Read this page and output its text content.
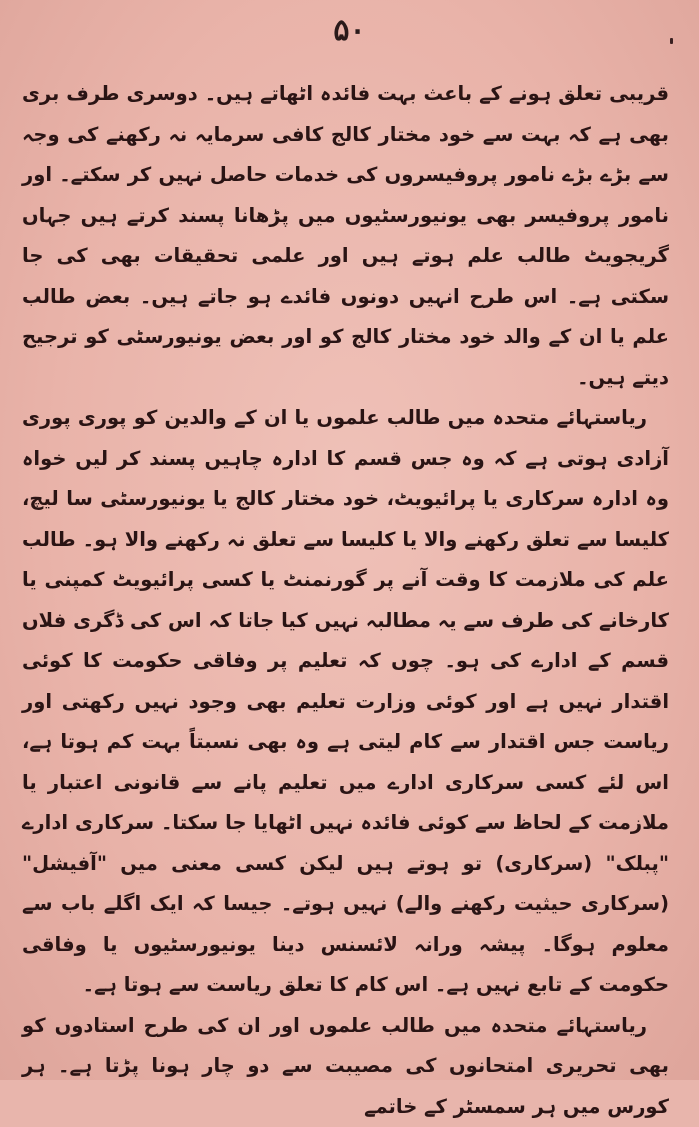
۵۰

قریبی تعلق ہونے کے باعث بہت فائدہ اٹھاتے ہیں۔ دوسری طرف بری بھی ہے کہ بہت سے خود مختار کالج کافی سرمایہ نہ رکھنے کی وجہ سے بڑے بڑے نامور پروفیسروں کی خدمات حاصل نہیں کر سکتے۔ اور نامور پروفیسر بھی یونیورسٹیوں میں پڑھانا پسند کرتے ہیں جہاں گریجویٹ طالب علم ہوتے ہیں اور علمی تحقیقات بھی کی جا سکتی ہے۔ اس طرح انہیں دونوں فائدے ہو جاتے ہیں۔ بعض طالب علم یا ان کے والد خود مختار کالج کو اور بعض یونیورسٹی کو ترجیح دیتے ہیں۔

ریاستہائے متحدہ میں طالب علموں یا ان کے والدین کو پوری پوری آزادی ہوتی ہے کہ وہ جس قسم کا ادارہ چاہیں پسند کر لیں خواہ وہ ادارہ سرکاری یا پرائیویٹ، خود مختار کالج یا یونیورسٹی سا لیچ، کلیسا سے تعلق رکھنے والا یا کلیسا سے تعلق نہ رکھنے والا ہو۔ طالب علم کی ملازمت کا وقت آنے پر گورنمنٹ یا کسی پرائیویٹ کمپنی یا کارخانے کی طرف سے یہ مطالبہ نہیں کیا جاتا کہ اس کی ڈگری فلاں قسم کے ادارے کی ہو۔ چوں کہ تعلیم پر وفاقی حکومت کا کوئی اقتدار نہیں ہے اور کوئی وزارت تعلیم بھی وجود نہیں رکھتی اور ریاست جس اقتدار سے کام لیتی ہے وہ بھی نسبتاً بہت کم ہوتا ہے، اس لئے کسی سرکاری ادارے میں تعلیم پانے سے قانونی اعتبار یا ملازمت کے لحاظ سے کوئی فائدہ نہیں اٹھایا جا سکتا۔ سرکاری ادارے "پبلک" (سرکاری) تو ہوتے ہیں لیکن کسی معنی میں "آفیشل" (سرکاری حیثیت رکھنے والے) نہیں ہوتے۔ جیسا کہ ایک اگلے باب سے معلوم ہوگا۔ پیشہ ورانہ لائسنس دینا یونیورسٹیوں یا وفاقی حکومت کے تابع نہیں ہے۔ اس کام کا تعلق ریاست سے ہوتا ہے۔

ریاستہائے متحدہ میں طالب علموں اور ان کی طرح استادوں کو بھی تحریری امتحانوں کی مصیبت سے دو چار ہونا پڑتا ہے۔ ہر کورس میں ہر سمسٹر کے خاتمے
